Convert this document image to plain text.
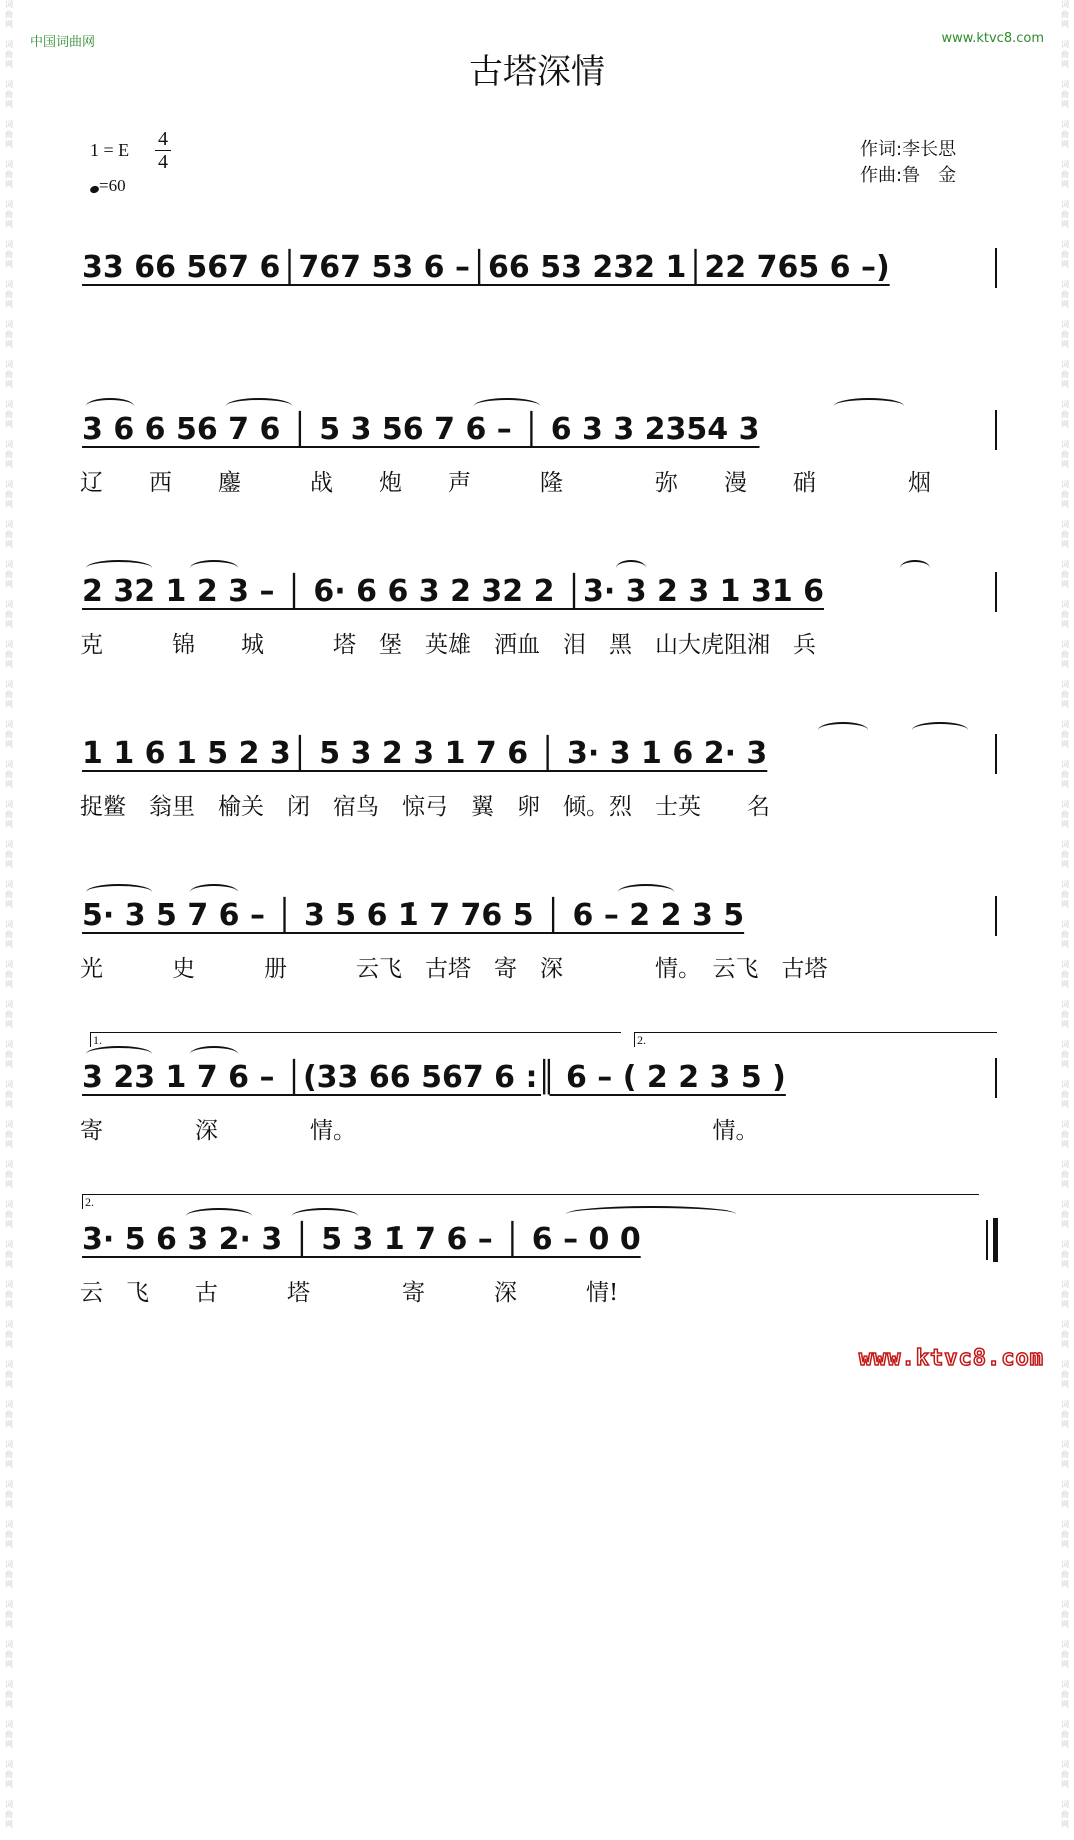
词
曲
网

词
曲
网

词
曲
网

词
曲
网

词
曲
网

词
曲
网

词
曲
网

词
曲
网

词
曲
网

词
曲
网

词
曲
网

词
曲
网

词
曲
网

词
曲
网

词
曲
网

词
曲
网

词
曲
网

词
曲
网

词
曲
网

词
曲
网

词
曲
网

词
曲
网

词
曲
网

词
曲
网

词
曲
网

词
曲
网

词
曲
网

词
曲
网

词
曲
网

词
曲
网

词
曲
网

词
曲
网

词
曲
网

词
曲
网

词
曲
网

词
曲
网

词
曲
网

词
曲
网

词
曲
网

词
曲
网

词
曲
网

词
曲
网

词
曲
网

词
曲
网

词
曲
网

词
曲
网

词
曲
网

词
曲
网

词
曲
网

词
曲
网

词
曲
网

词
曲
网

词
曲
网

词
曲
网

词
曲
网

词
曲
网

词
曲
网

词
曲
网

词
曲
网

词
曲
网

词
曲
网

词
曲
网

词
曲
网

词
曲
网

词
曲
网

词
曲
网

词
曲
网

词
曲
网

词
曲
网

词
曲
网

词
曲
网

词
曲
网

词
曲
网

词
曲
网

词
曲
网

词
曲
网

词
曲
网

词
曲
网

词
曲
网

词
曲
网

词
曲
网

词
曲
网

词
曲
网

词
曲
网

词
曲
网

词
曲
网

词
曲
网

词
曲
网

词
曲
网

词
曲
网

词
曲
网

词
曲
网

中国词曲网	www.ktvc8.com
古塔深情
1 = E 4
4
=60
作词:李长思
作曲:鲁　金
33 66 567 6│767 53 6 –│66 53 232 1│22 765 6 –)
3 6 6 56 7 6 │ 5 3 56 7 6 – │ 6 3 3 2354 3
辽　　西　　鏖　　　战　　炮　　声　　　隆　　　　弥　　漫　　硝　　　　烟
2 32 1 2 3 – │ 6· 6 6 3 2 32 2 │3· 3 2 3 1 31 6
克　　　锦　　城　　　塔　堡　英雄　洒血　泪　黑　山大虎阻湘　兵
1 1 6 1 5 2 3│ 5 3 2 3 1 7 6 │ 3· 3 1 6 2· 3
捉鳖　翁里　榆关　闭　宿鸟　惊弓　翼　卵　倾。烈　士英　　名
5· 3 5 7 6 – │ 3 5 6 1̇ 7 76 5 │ 6 – 2 2 3 5
光　　　史　　　册　　　云飞　古塔　寄　深　　　　情。　云飞　古塔
1.	2.
3 23 1 7 6 – │(33 66 567 6 :║ 6 – ( 2 2 3 5 )
寄　　　　深　　　　情。　　　　　　　　　　　　　　　　情。
2.
3· 5 6 3 2· 3 │ 5 3 1̇ 7 6 – │ 6 – 0 0
云　飞　　古　　　塔　　　　寄　　　深　　　情!
www.ktvc8.com
